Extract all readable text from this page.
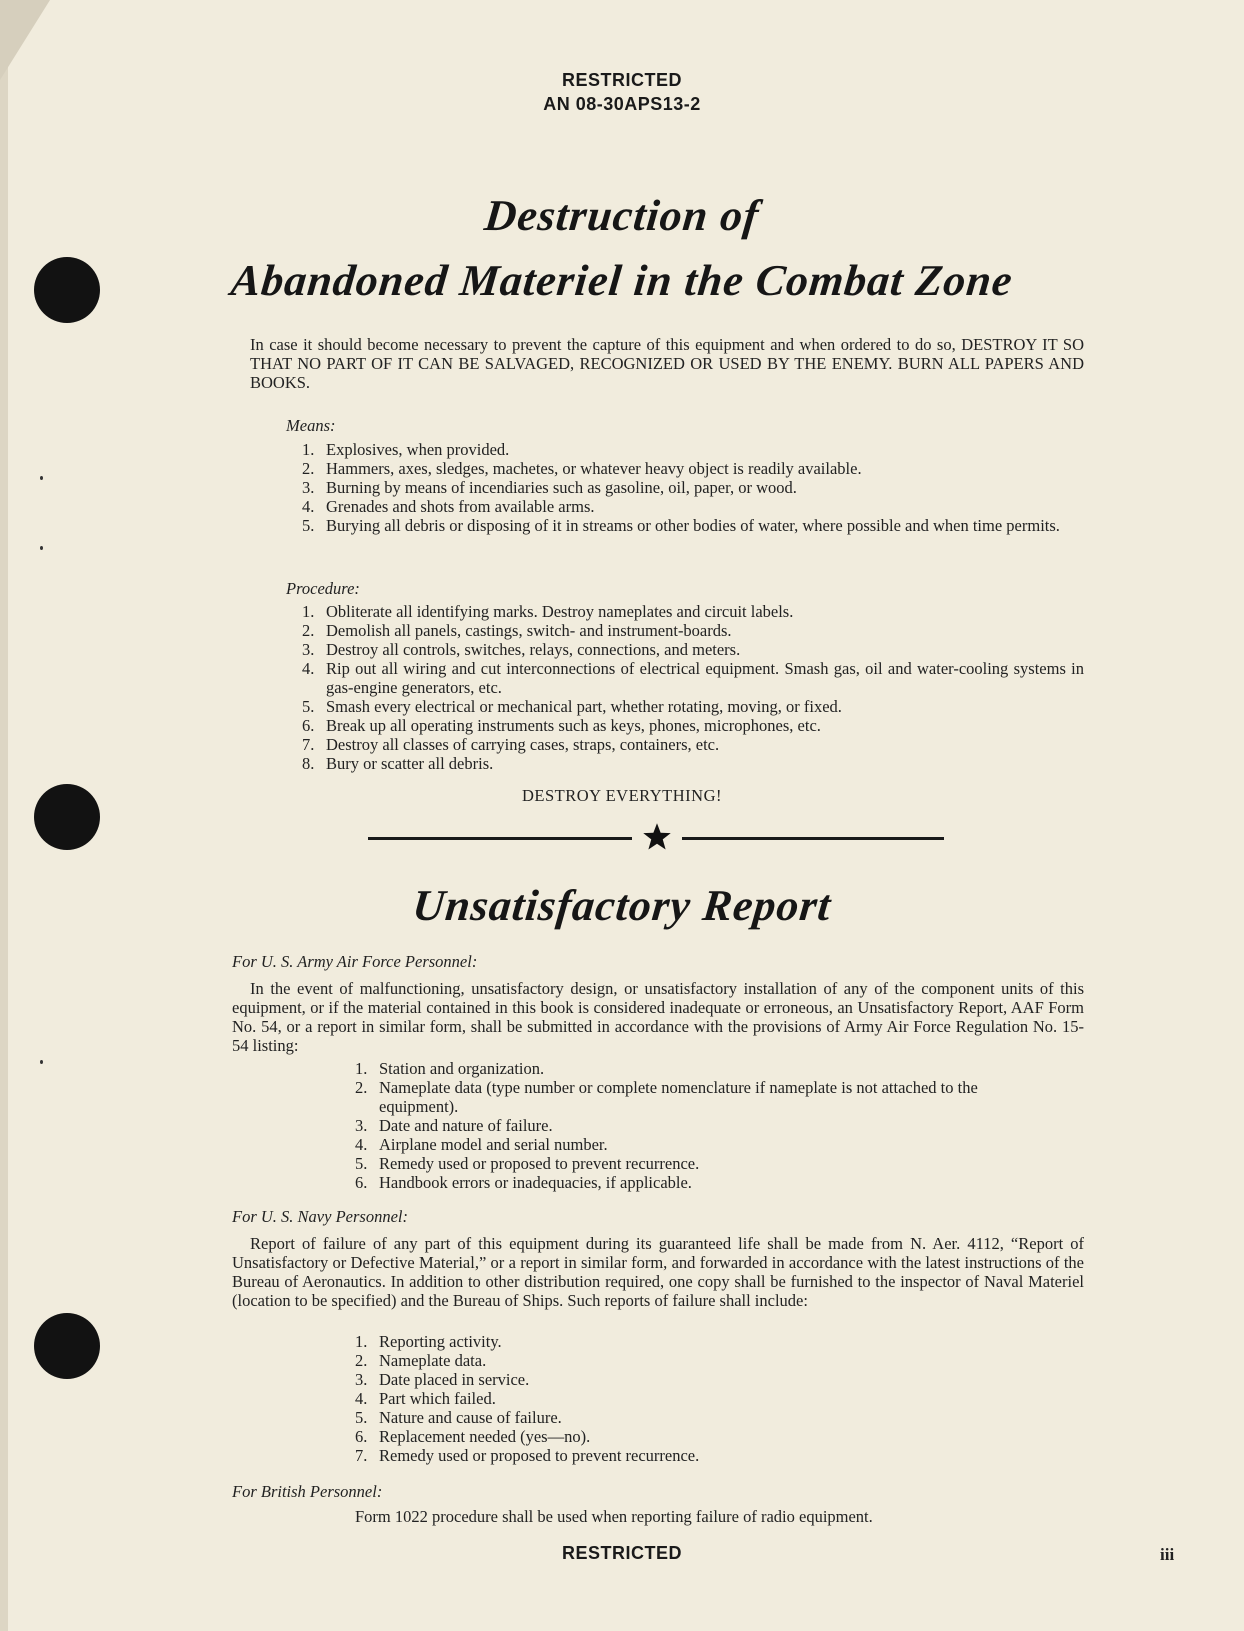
RESTRICTED
AN 08-30APS13-2
Destruction of
Abandoned Materiel in the Combat Zone
In case it should become necessary to prevent the capture of this equipment and when ordered to do so, DESTROY IT SO THAT NO PART OF IT CAN BE SALVAGED, RECOGNIZED OR USED BY THE ENEMY. BURN ALL PAPERS AND BOOKS.
Means:
1. Explosives, when provided.
2. Hammers, axes, sledges, machetes, or whatever heavy object is readily available.
3. Burning by means of incendiaries such as gasoline, oil, paper, or wood.
4. Grenades and shots from available arms.
5. Burying all debris or disposing of it in streams or other bodies of water, where possible and when time permits.
Procedure:
1. Obliterate all identifying marks. Destroy nameplates and circuit labels.
2. Demolish all panels, castings, switch- and instrument-boards.
3. Destroy all controls, switches, relays, connections, and meters.
4. Rip out all wiring and cut interconnections of electrical equipment. Smash gas, oil and water-cooling systems in gas-engine generators, etc.
5. Smash every electrical or mechanical part, whether rotating, moving, or fixed.
6. Break up all operating instruments such as keys, phones, microphones, etc.
7. Destroy all classes of carrying cases, straps, containers, etc.
8. Bury or scatter all debris.
DESTROY EVERYTHING!
Unsatisfactory Report
For U. S. Army Air Force Personnel:
In the event of malfunctioning, unsatisfactory design, or unsatisfactory installation of any of the component units of this equipment, or if the material contained in this book is considered inadequate or erroneous, an Unsatisfactory Report, AAF Form No. 54, or a report in similar form, shall be submitted in accordance with the provisions of Army Air Force Regulation No. 15-54 listing:
1. Station and organization.
2. Nameplate data (type number or complete nomenclature if nameplate is not attached to the equipment).
3. Date and nature of failure.
4. Airplane model and serial number.
5. Remedy used or proposed to prevent recurrence.
6. Handbook errors or inadequacies, if applicable.
For U. S. Navy Personnel:
Report of failure of any part of this equipment during its guaranteed life shall be made from N. Aer. 4112, “Report of Unsatisfactory or Defective Material,” or a report in similar form, and forwarded in accordance with the latest instructions of the Bureau of Aeronautics. In addition to other distribution required, one copy shall be furnished to the inspector of Naval Materiel (location to be specified) and the Bureau of Ships. Such reports of failure shall include:
1. Reporting activity.
2. Nameplate data.
3. Date placed in service.
4. Part which failed.
5. Nature and cause of failure.
6. Replacement needed (yes—no).
7. Remedy used or proposed to prevent recurrence.
For British Personnel:
Form 1022 procedure shall be used when reporting failure of radio equipment.
RESTRICTED	iii
